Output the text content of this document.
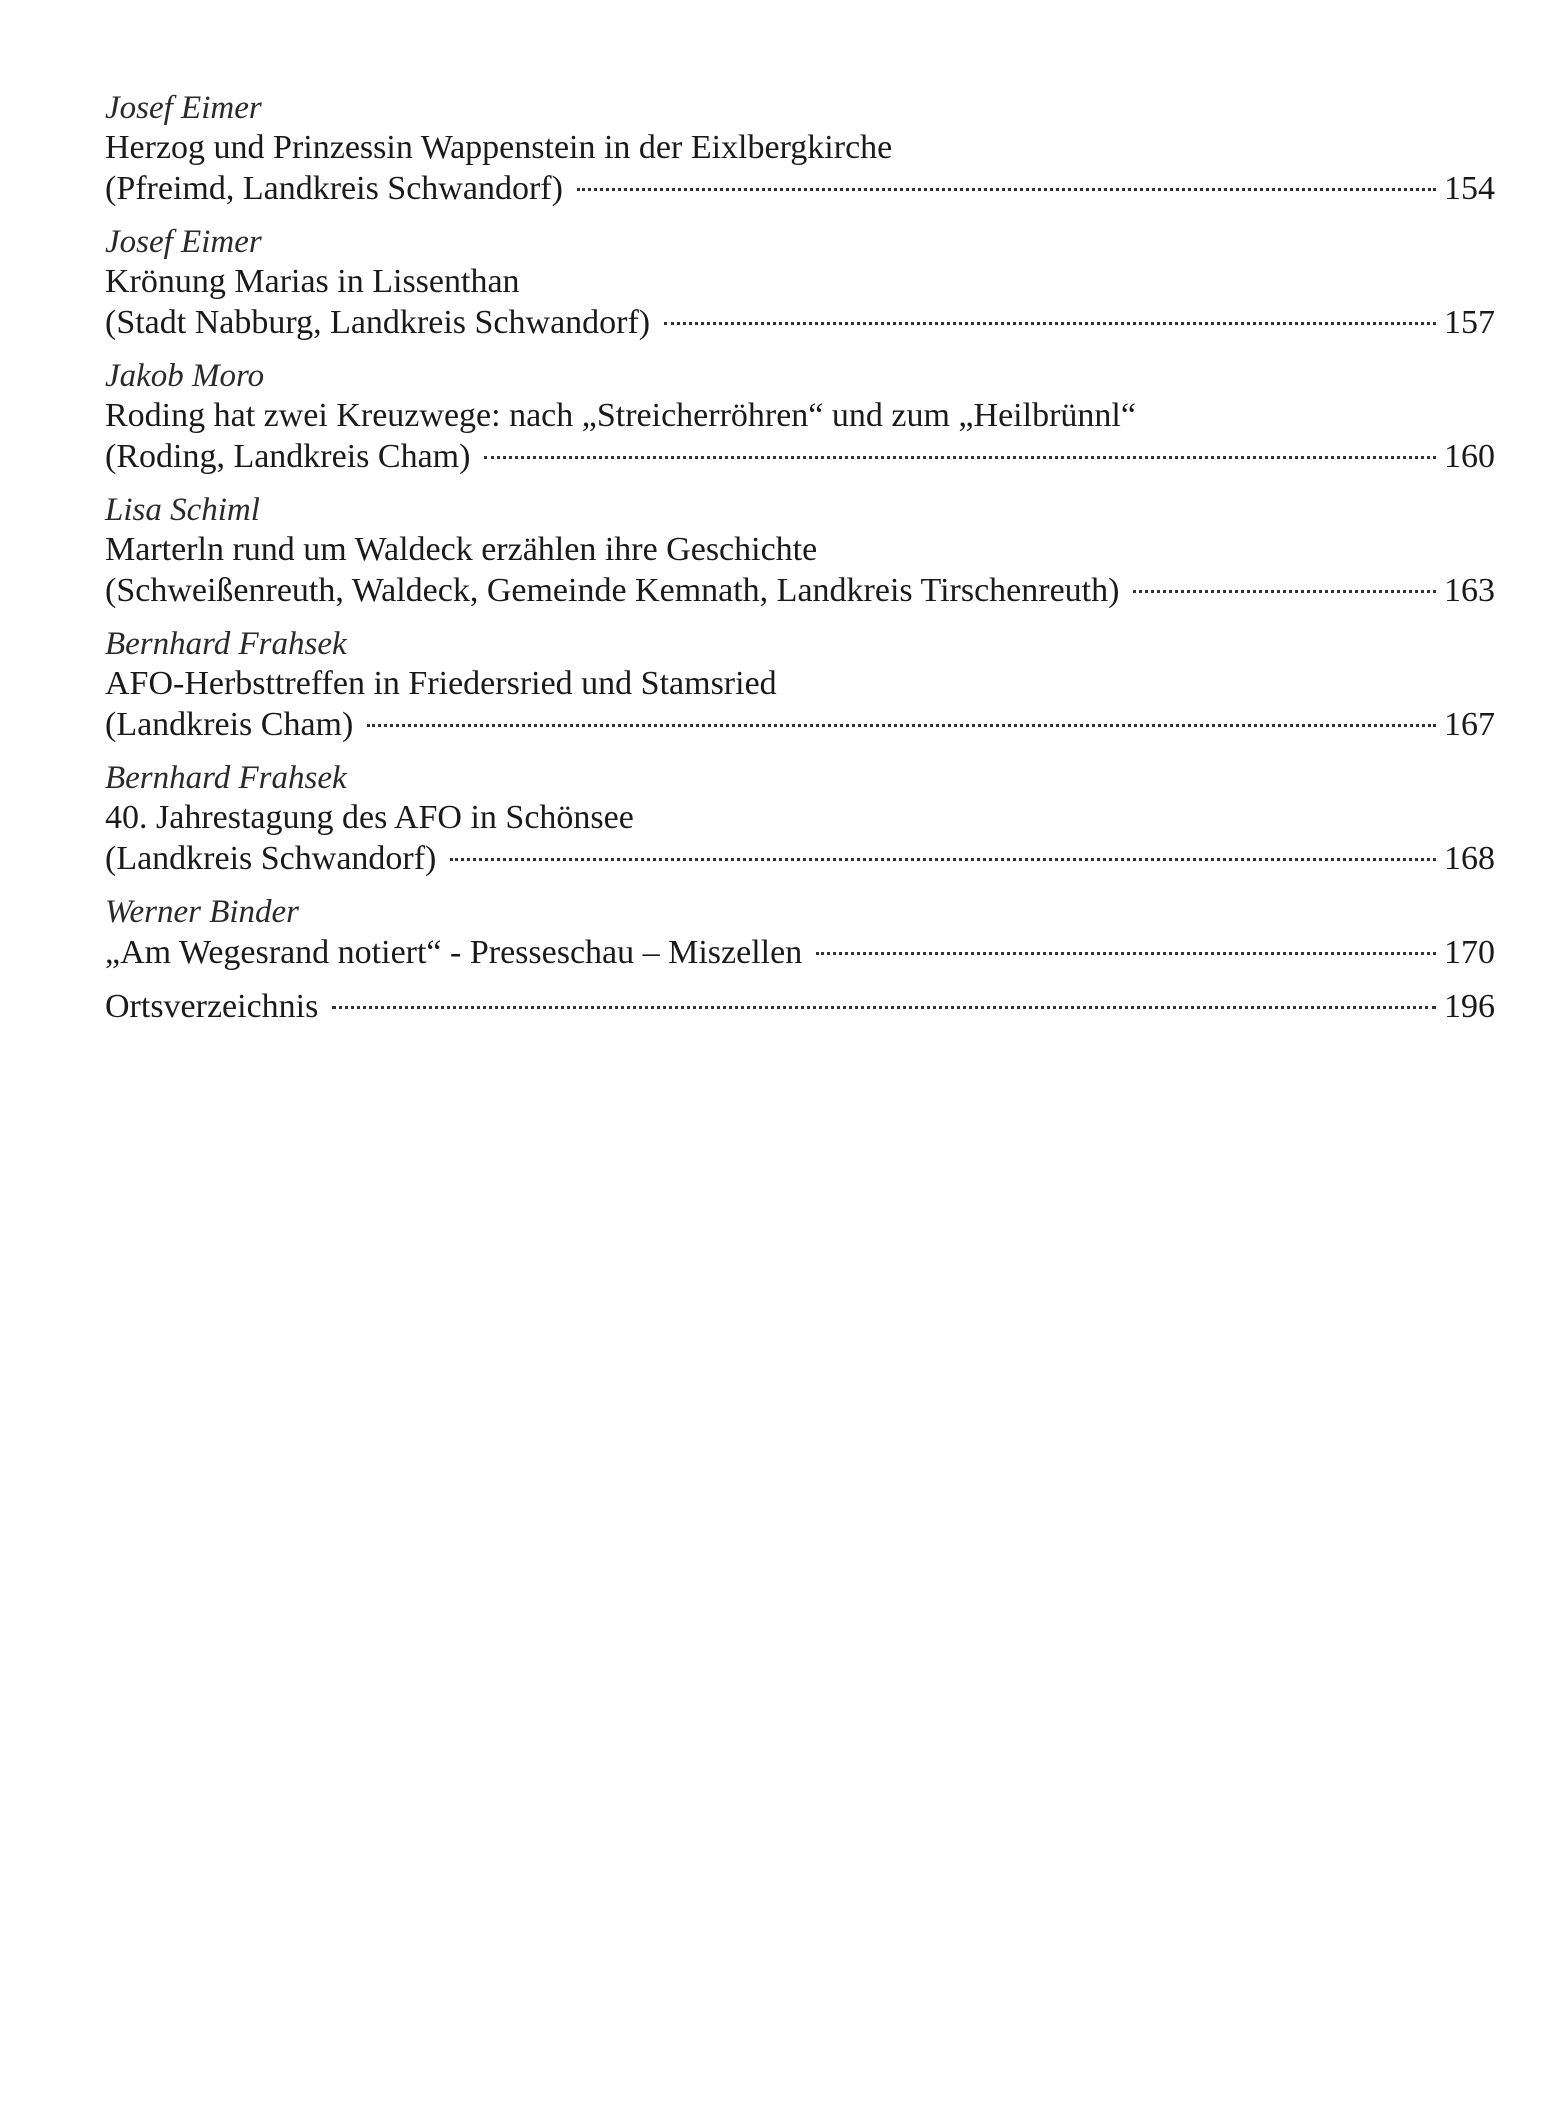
Josef Eimer
Herzog und Prinzessin Wappenstein in der Eixlbergkirche
(Pfreimd, Landkreis Schwandorf)	154
Josef Eimer
Krönung Marias in Lissenthan
(Stadt Nabburg, Landkreis Schwandorf)	157
Jakob Moro
Roding hat zwei Kreuzwege: nach „Streicherröhren“ und zum „Heilbrünnl“
(Roding, Landkreis Cham)	160
Lisa Schiml
Marterln rund um Waldeck erzählen ihre Geschichte
(Schweißenreuth, Waldeck, Gemeinde Kemnath, Landkreis Tirschenreuth)	163
Bernhard Frahsek
AFO-Herbsttreffen in Friedersried und Stamsried
(Landkreis Cham)	167
Bernhard Frahsek
40. Jahrestagung des AFO in Schönsee
(Landkreis Schwandorf)	168
Werner Binder
„Am Wegesrand notiert“ - Presseschau – Miszellen	170
Ortsverzeichnis	196
